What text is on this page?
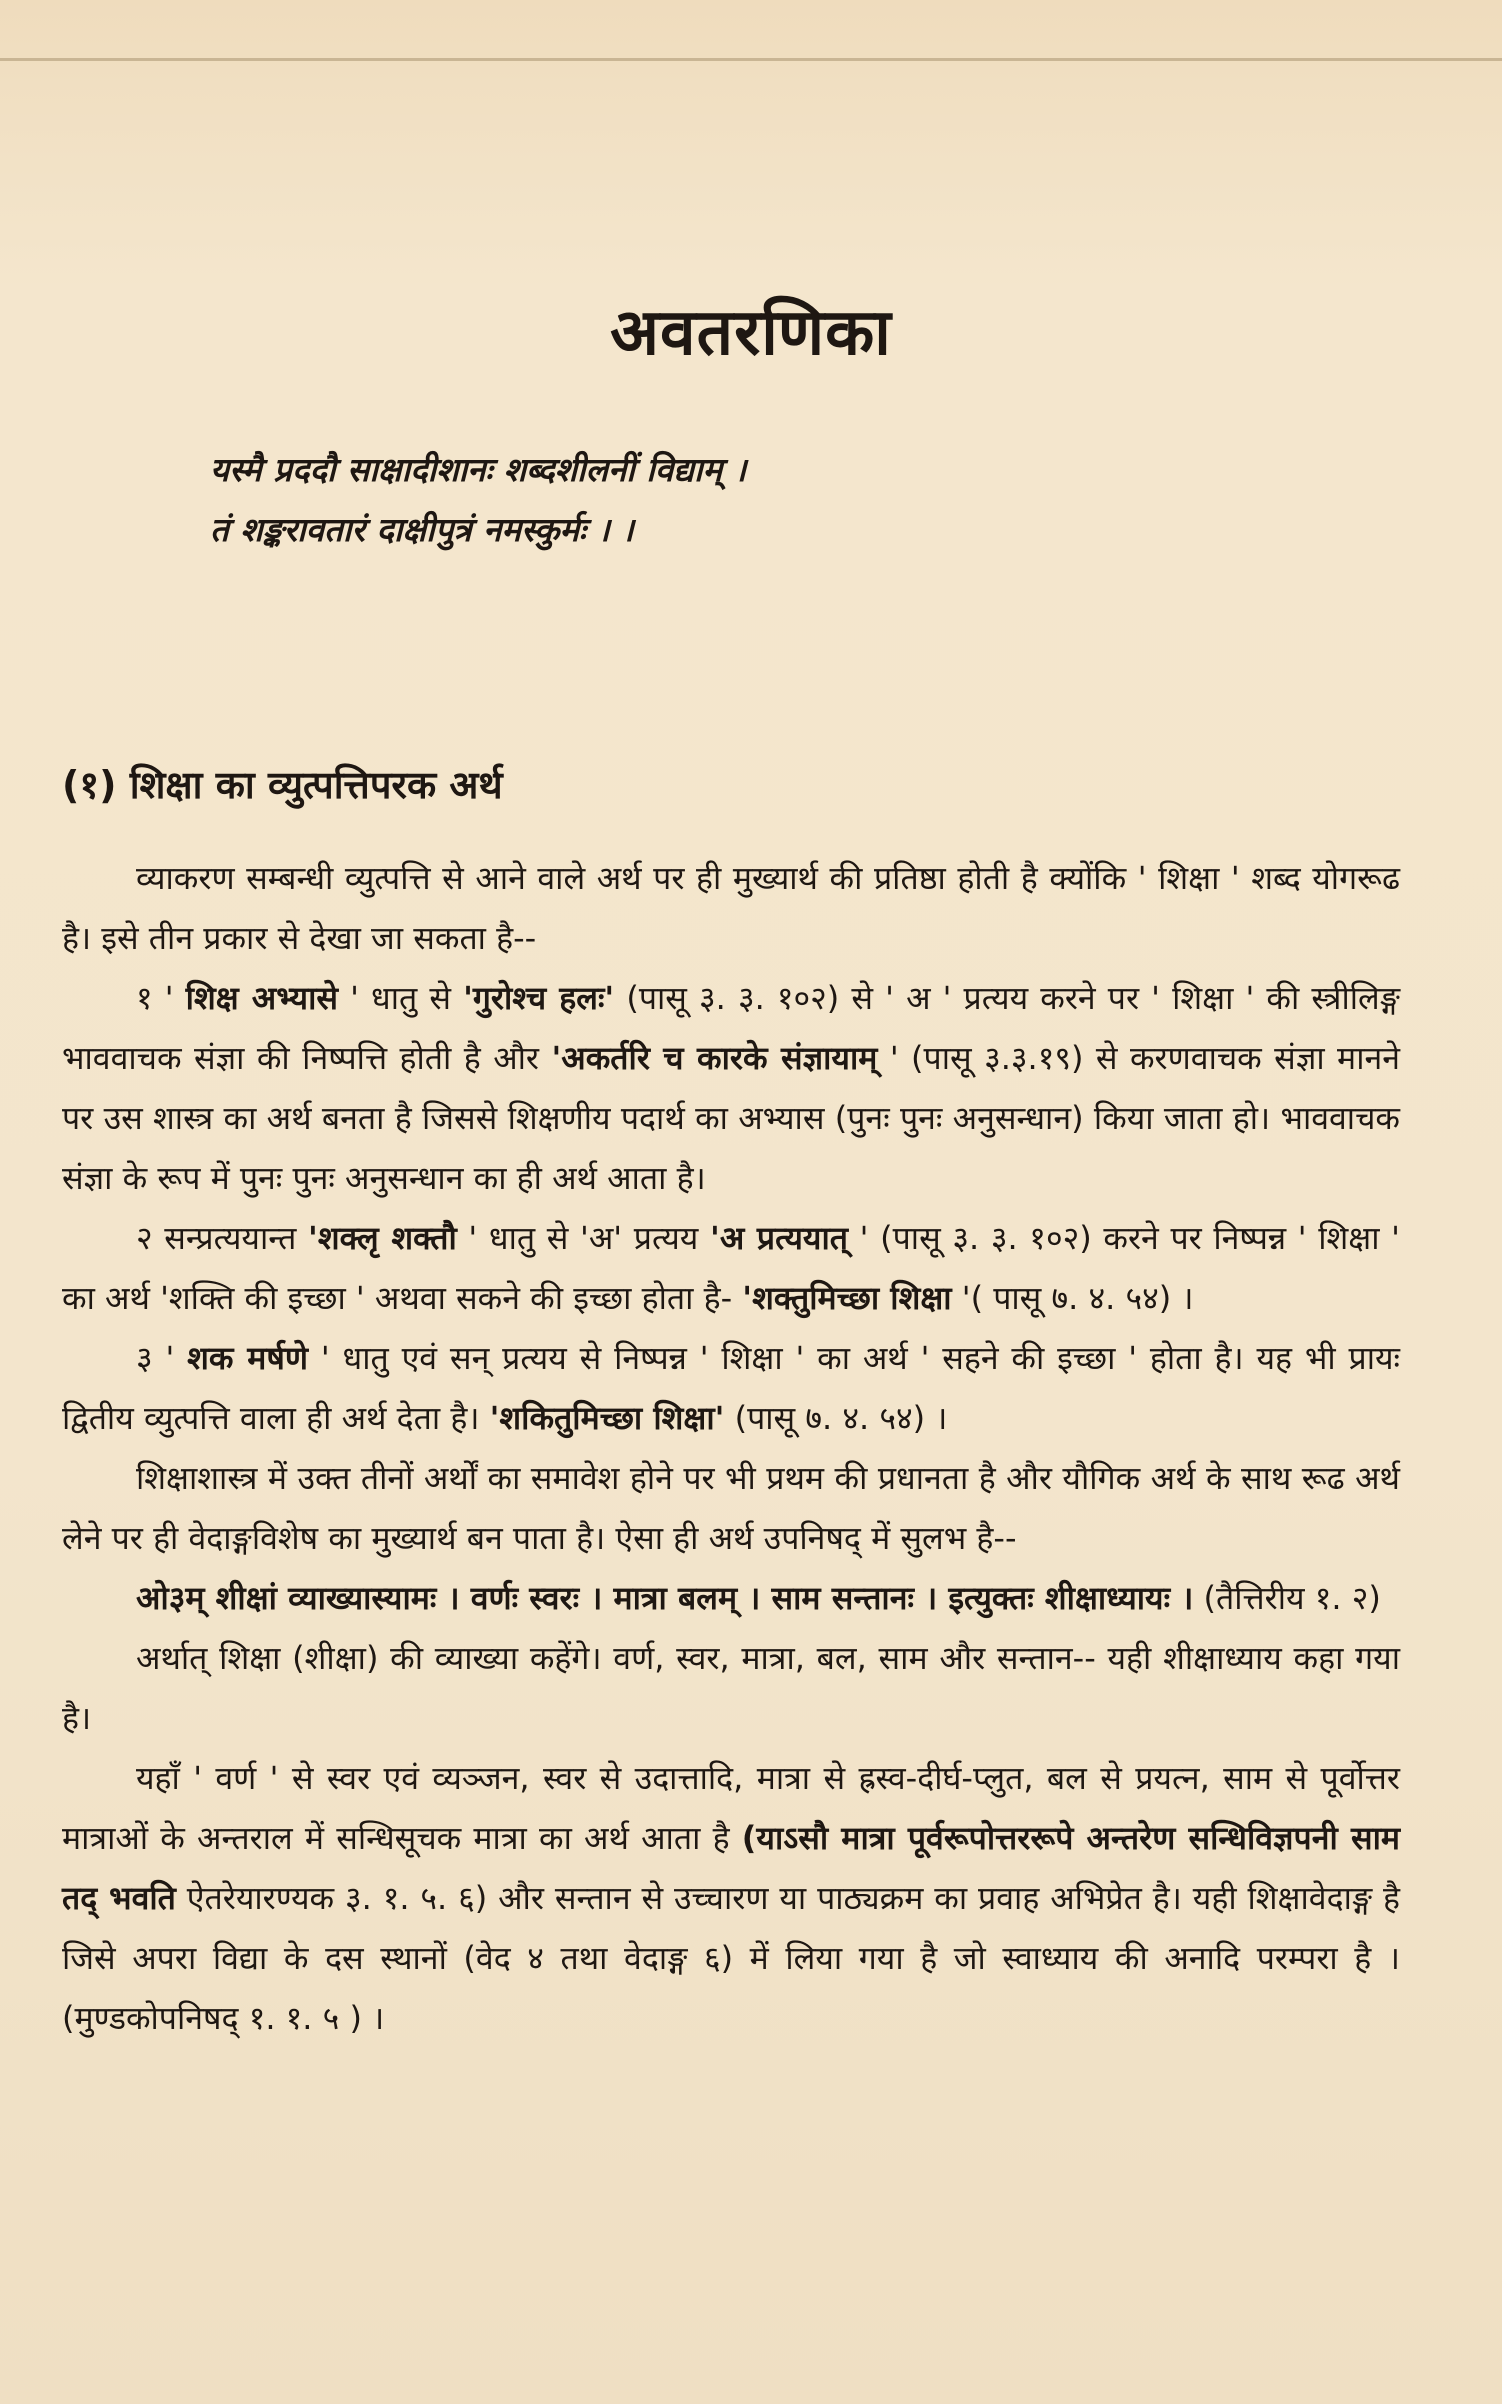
अवतरणिका
यस्मै प्रददौ साक्षादीशानः शब्दशीलनीं विद्याम् ।
तं शङ्करावतारं दाक्षीपुत्रं नमस्कुर्मः । ।
(१) शिक्षा का व्युत्पत्तिपरक अर्थ

व्याकरण सम्बन्धी व्युत्पत्ति से आने वाले अर्थ पर ही मुख्यार्थ की प्रतिष्ठा होती है क्योंकि ' शिक्षा ' शब्द योगरूढ है। इसे तीन प्रकार से देखा जा सकता है--

१ ' शिक्ष अभ्यासे ' धातु से 'गुरोश्च हलः' (पासू ३. ३. १०२) से ' अ ' प्रत्यय करने पर ' शिक्षा ' की स्त्रीलिङ्ग भाववाचक संज्ञा की निष्पत्ति होती है और 'अकर्तरि च कारके संज्ञायाम् ' (पासू ३.३.१९) से करणवाचक संज्ञा मानने पर उस शास्त्र का अर्थ बनता है जिससे शिक्षणीय पदार्थ का अभ्यास (पुनः पुनः अनुसन्धान) किया जाता हो। भाववाचक संज्ञा के रूप में पुनः पुनः अनुसन्धान का ही अर्थ आता है।

२ सन्प्रत्ययान्त 'शक्लृ शक्तौ ' धातु से 'अ' प्रत्यय 'अ प्रत्ययात् ' (पासू ३. ३. १०२) करने पर निष्पन्न ' शिक्षा ' का अर्थ 'शक्ति की इच्छा ' अथवा सकने की इच्छा होता है- 'शक्तुमिच्छा शिक्षा '( पासू ७. ४. ५४) ।

३ ' शक मर्षणे ' धातु एवं सन् प्रत्यय से निष्पन्न ' शिक्षा ' का अर्थ ' सहने की इच्छा ' होता है। यह भी प्रायः द्वितीय व्युत्पत्ति वाला ही अर्थ देता है। 'शकितुमिच्छा शिक्षा' (पासू ७. ४. ५४) ।

शिक्षाशास्त्र में उक्त तीनों अर्थों का समावेश होने पर भी प्रथम की प्रधानता है और यौगिक अर्थ के साथ रूढ अर्थ लेने पर ही वेदाङ्गविशेष का मुख्यार्थ बन पाता है। ऐसा ही अर्थ उपनिषद् में सुलभ है--

ओ३म् शीक्षां व्याख्यास्यामः । वर्णः स्वरः । मात्रा बलम् । साम सन्तानः । इत्युक्तः शीक्षाध्यायः । (तैत्तिरीय १. २)

अर्थात् शिक्षा (शीक्षा) की व्याख्या कहेंगे। वर्ण, स्वर, मात्रा, बल, साम और सन्तान-- यही शीक्षाध्याय कहा गया है।

यहाँ ' वर्ण ' से स्वर एवं व्यञ्जन, स्वर से उदात्तादि, मात्रा से ह्रस्व-दीर्घ-प्लुत, बल से प्रयत्न, साम से पूर्वोत्तर मात्राओं के अन्तराल में सन्धिसूचक मात्रा का अर्थ आता है (याऽसौ मात्रा पूर्वरूपोत्तररूपे अन्तरेण सन्धिविज्ञपनी साम तद् भवति ऐतरेयारण्यक ३. १. ५. ६) और सन्तान से उच्चारण या पाठ्यक्रम का प्रवाह अभिप्रेत है। यही शिक्षावेदाङ्ग है जिसे अपरा विद्या के दस स्थानों (वेद ४ तथा वेदाङ्ग ६) में लिया गया है जो स्वाध्याय की अनादि परम्परा है । (मुण्डकोपनिषद् १. १. ५ ) ।
